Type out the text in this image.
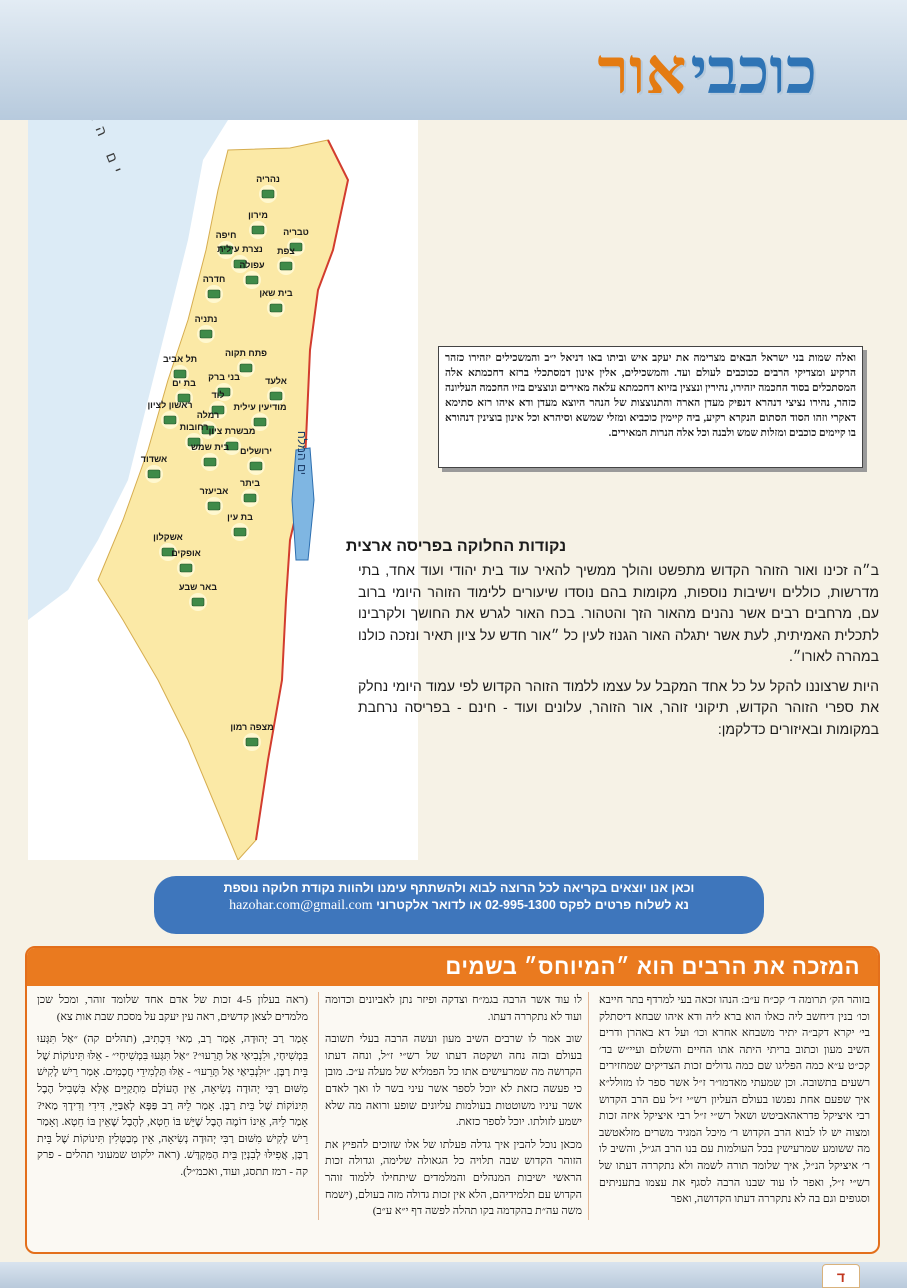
כוכבי
אור
ים המלח
נהריה
מירון
טבריה
חיפה
נצרת עילית צפת
עפולה
חדרה
בית שאן
נתניה
פתח תקוה
תל אביב
בני ברק	אלעד
בת ים
לוד
מודיעין עילית
ראשון לציון
רמלה
רחובות מבשרת ציון
בית שמש ירושלים
אשדוד
ביתר
אביעזר
בת עין
אשקלון
אופקים
באר שבע
מצפה רמון
ואלה שמות בני ישראל הבאים מצרימה את יעקב איש וביתו באו דניאל י״ב והמשכילים יזהירו כזהר הרקיע ומצדיקי הרבים ככוכבים לעולם ועד. והמשכילים, אלין אינון דמסתכלי ברזא דחכמתא אלה המסתכלים בסוד החכמה יזהירו, נהירין ונצצין בזיוא דחכמתא עלאה מאירים ונוצצים בזיו החכמה העליונה כזהר, נהירו נציצי דנהרא דנפיק מעדן הארה והתנוצצות של הנהר היוצא מעדן ודא איהו רזא סתימא דאקרי וזהו הסוד הסתום הנקרא רקיע, ביה קיימין כוכביא ומזלי שמשא וסיהרא וכל אינון בוצינין דנהורא בו קיימים כוכבים ומזלות שמש ולבנה וכל אלה הנרות המאירים.
נקודות החלוקה בפריסה ארצית

ב״ה זכינו ואור הזוהר הקדוש מתפשט והולך ממשיך להאיר עוד בית יהודי ועוד אחד, בתי מדרשות, כוללים וישיבות נוספות, מקומות בהם נוסדו שיעורים ללימוד הזוהר היומי ברוב עם, מרחבים רבים אשר נהנים מהאור הזך והטהור. בכח האור לגרש את החושך ולקרבינו לתכלית האמיתית, לעת אשר יתגלה האור הגנוז לעין כל ״אור חדש על ציון תאיר ונזכה כולנו במהרה לאורו״.

היות שרצוננו להקל על כל אחד המקבל על עצמו ללמוד הזוהר הקדוש לפי עמוד היומי נחלק את ספרי הזוהר הקדוש, תיקוני זוהר, אור הזוהר, עלונים ועוד - חינם - בפריסה נרחבת במקומות ובאיזורים כדלקמן:

וכאן אנו יוצאים בקריאה לכל הרוצה לבוא ולהשתתף עימנו ולהוות נקודת חלוקה נוספת
נא לשלוח פרטים לפקס 02-995-1300 או לדואר אלקטרוני hazohar.com@gmail.com
המזכה את הרבים הוא ״המיוחס״ בשמים

בזוהר הק׳ תרומה ד׳ קכ״ח ע״ב: הנהו זכאה בעי למרדף בתר חייבא וכו׳ בנין דיחשב ליה כאלו הוא ברא ליה ודא איהו שבחא דיסתלק בי׳ יקרא דקב״ה יתיר משבחא אחרא וכו׳ ועל דא באהרן ודרים השיב מעון וכתוב בריתי היתה אתו החיים והשלום ועיי״ש בד׳ קכ״ט ע״א כמה הפליגו שם כמה גדולים זכות הצדיקים שמחזירים רשעים בתשובה. וכן שמעתי מאדמו״ר ז״ל אשר ספר לו מזולל״א איך שפעם אחת נפגשו בעולם העליון רש״י ז״ל עם הרב הקדוש רבי איציקל פדראהאביטש ושאל רש״י ז״ל רבי איציקל איזה זכות ומצוה יש לו לבוא הרב הקדוש ר׳ מיכל המגיד משרים מזלאטשב מה ששומע שמרעישין בכל העולמות עם בנו הרב הג״ל, והשיב לו ר׳ איציקל הנ״ל, איך שלומד תורה לשמה ולא נתקררה דעתו של רש״י ז״ל, ואפר לו עוד שבנו הרבה לסגף את עצמו בתעניתים וסגופים וגם בה לא נתקררה דעתו הקדושה, ואפר

לו עוד אשר הרבה בגמ״ח וצדקה ופיזר נתן לאביונים וכדומה ועוד לא נתקררה דעתו.

שוב אמר לו שרבים השיב מעון ועשה הרבה בעלי תשובה בעולם ובזה נחה ושקטה דעתו של רש״י ז״ל, ונחה דעתו הקדושה מה שמרעישים אתו כל הפמליא של מעלה ע״כ. מובן כי פעשה כזאת לא יוכל לספר אשר עיני בשר לו ואך לאדם אשר עיניו משוטטות בעולמות עליונים שופע ורואה מה שלא ישמע לזולתו. יוכל לספר כזאת.

מכאן נוכל להבין איך גדלה פעלתו של אלו שזוכים להפיץ את הזוהר הקדוש שבה תלויה כל הגאולה שלימה, וגדולה זכות הראשי ישיבות המנהלים והמלמדים שיתחילו ללמוד זוהר הקדוש עם תלמידיהם, הלא אין זכות גדולה מזה בעולם, (ישמח משה עה״ת בהקדמה בקו תהלה לפשה דף י״א ע״ב)

(ראה בעלון 4-5 זכות של אדם אחד שלומד זוהר, ומכל שכן מלמדים לצאן קדשים, ראה עין יעקב על מסכת שבת אות צא)

אָמַר רַב יְהוּדָה, אָמַר רַב, מַאי דִּכְתִיב, (תהלים קה) ״אַל תִּגְּעוּ בִּמְשִׁיחָי, וּלִנְבִיאַי אַל תָּרֵעוּ״? ״אַל תִּגְּעוּ בִּמְשִׁיחָי״ - אֵלּוּ תִּינוֹקוֹת שֶׁל בֵּית רַבָּן. ״וּלִנְבִיאַי אַל תָּרֵעוּ״ - אֵלּוּ תַּלְמִידֵי חֲכָמִים. אָמַר רֵישׁ לָקִישׁ מִשּׁוּם רַבִּי יְהוּדָה נְשִׂיאָה, אֵין הָעוֹלָם מִתְקַיֵּים אֶלָּא בִּשְׁבִיל הֶבֶל תִּינוֹקוֹת שֶׁל בֵּית רַבָּן. אָמַר לֵיהּ רַב פַּפָּא לְאַבַּיֵּי, דִּידִי וְדִידָךְ מַאי? אָמַר לֵיהּ, אֵינוֹ דוֹמֶה הֶבֶל שֶׁיֵּשׁ בּוֹ חֵטְא, לְהֶבֶל שֶׁאֵין בּוֹ חֵטְא. וְאָמַר רֵישׁ לָקִישׁ מִשּׁוּם רַבִּי יְהוּדָה נְשִׂיאָה, אֵין מְבַטְּלִין תִּינוֹקוֹת שֶׁל בֵּית רַבָּן, אֲפִילּוּ לְבִנְיַן בֵּית הַמִּקְדָּשׁ. (ראה ילקוט שמעוני תהלים - פרק קה - רמז תתסג, ועוד, ואכמ״ל).

ד
